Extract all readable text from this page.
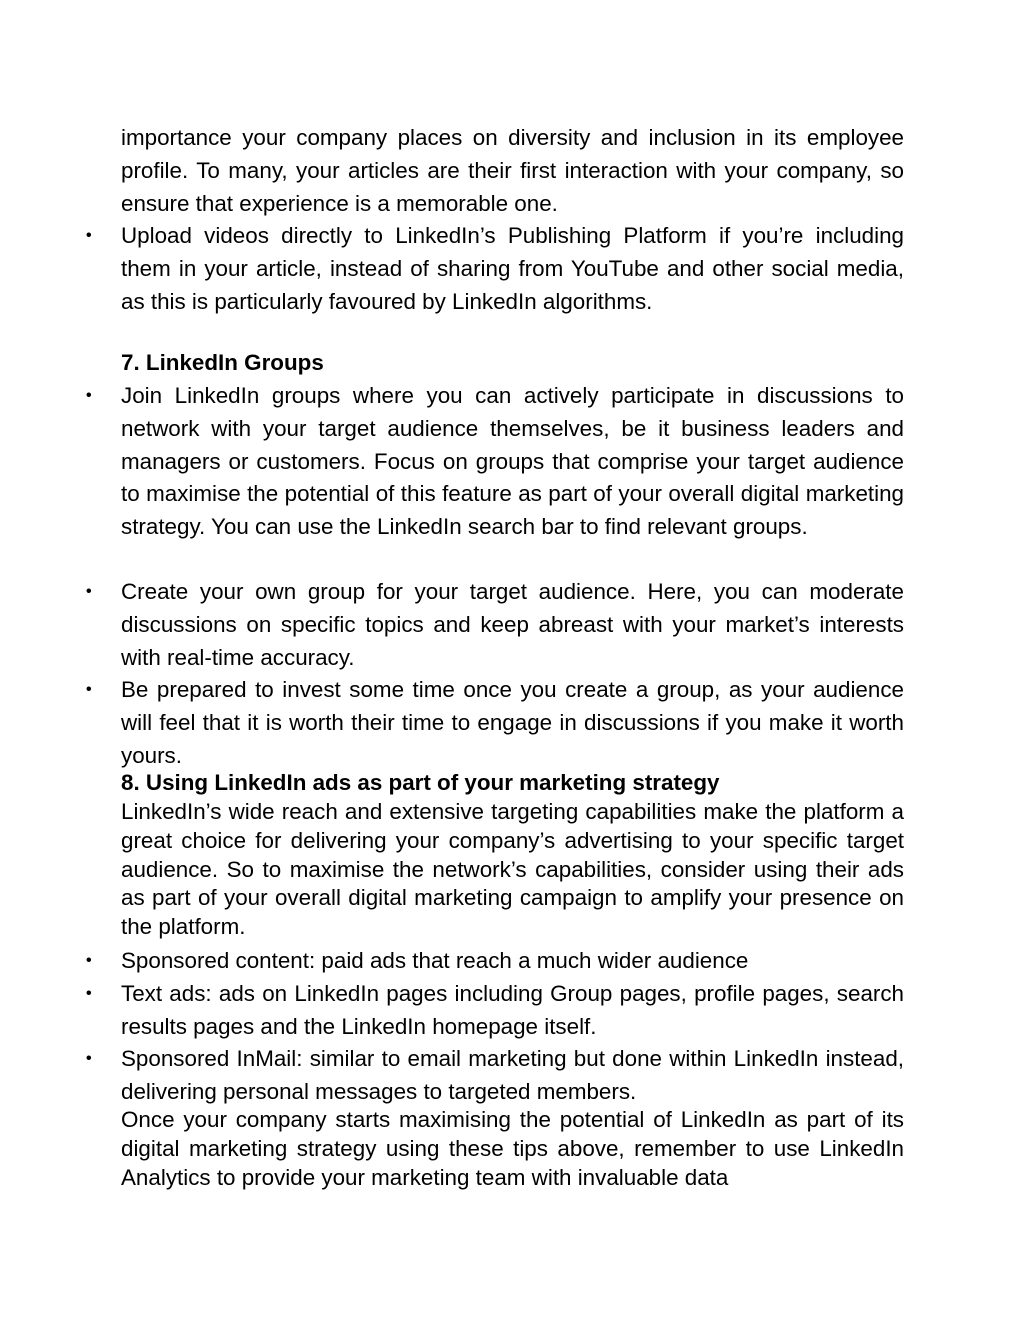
importance your company places on diversity and inclusion in its employee profile. To many, your articles are their first interaction with your company, so ensure that experience is a memorable one.
• Upload videos directly to LinkedIn’s Publishing Platform if you’re including them in your article, instead of sharing from YouTube and other social media, as this is particularly favoured by LinkedIn algorithms.
7. LinkedIn Groups
• Join LinkedIn groups where you can actively participate in discussions to network with your target audience themselves, be it business leaders and managers or customers. Focus on groups that comprise your target audience to maximise the potential of this feature as part of your overall digital marketing strategy. You can use the LinkedIn search bar to find relevant groups.
• Create your own group for your target audience. Here, you can moderate discussions on specific topics and keep abreast with your market’s interests with real-time accuracy.
• Be prepared to invest some time once you create a group, as your audience will feel that it is worth their time to engage in discussions if you make it worth yours.
8. Using LinkedIn ads as part of your marketing strategy
LinkedIn’s wide reach and extensive targeting capabilities make the platform a great choice for delivering your company’s advertising to your specific target audience. So to maximise the network’s capabilities, consider using their ads as part of your overall digital marketing campaign to amplify your presence on the platform.
• Sponsored content: paid ads that reach a much wider audience
• Text ads: ads on LinkedIn pages including Group pages, profile pages, search results pages and the LinkedIn homepage itself.
• Sponsored InMail: similar to email marketing but done within LinkedIn instead, delivering personal messages to targeted members.
Once your company starts maximising the potential of LinkedIn as part of its digital marketing strategy using these tips above, remember to use LinkedIn Analytics to provide your marketing team with invaluable data
